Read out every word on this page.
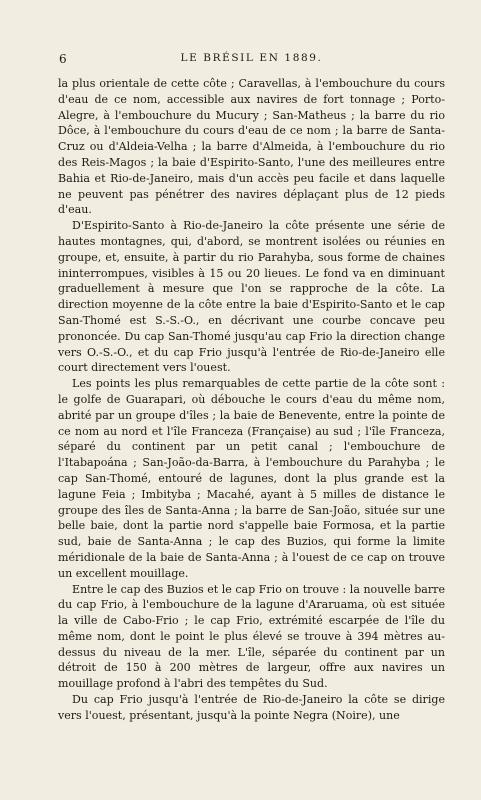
6	LE BRÉSIL EN 1889.

la plus orientale de cette côte ; Caravellas, à l'embouchure du cours d'eau de ce nom, accessible aux navires de fort tonnage ; Porto-Alegre, à l'embouchure du Mucury ; San-Matheus ; la barre du rio Dôce, à l'embouchure du cours d'eau de ce nom ; la barre de Santa-Cruz ou d'Aldeia-Velha ; la barre d'Almeida, à l'embouchure du rio des Reis-Magos ; la baie d'Espirito-Santo, l'une des meilleures entre Bahia et Rio-de-Janeiro, mais d'un accès peu facile et dans laquelle ne peuvent pas pénétrer des navires déplaçant plus de 12 pieds d'eau.

D'Espirito-Santo à Rio-de-Janeiro la côte présente une série de hautes montagnes, qui, d'abord, se montrent isolées ou réunies en groupe, et, ensuite, à partir du rio Parahyba, sous forme de chaines ininterrompues, visibles à 15 ou 20 lieues. Le fond va en diminuant graduellement à mesure que l'on se rapproche de la côte. La direction moyenne de la côte entre la baie d'Espirito-Santo et le cap San-Thomé est S.-S.-O., en décrivant une courbe concave peu prononcée. Du cap San-Thomé jusqu'au cap Frio la direction change vers O.-S.-O., et du cap Frio jusqu'à l'entrée de Rio-de-Janeiro elle court directement vers l'ouest.

Les points les plus remarquables de cette partie de la côte sont : le golfe de Guarapari, où débouche le cours d'eau du même nom, abrité par un groupe d'îles ; la baie de Benevente, entre la pointe de ce nom au nord et l'île Franceza (Française) au sud ; l'île Franceza, séparé du continent par un petit canal ; l'embouchure de l'Itabapoána ; San-João-da-Barra, à l'embouchure du Parahyba ; le cap San-Thomé, entouré de lagunes, dont la plus grande est la lagune Feia ; Imbityba ; Macahé, ayant à 5 milles de distance le groupe des îles de Santa-Anna ; la barre de San-João, située sur une belle baie, dont la partie nord s'appelle baie Formosa, et la partie sud, baie de Santa-Anna ; le cap des Buzios, qui forme la limite méridionale de la baie de Santa-Anna ; à l'ouest de ce cap on trouve un excellent mouillage.

Entre le cap des Buzios et le cap Frio on trouve : la nouvelle barre du cap Frio, à l'embouchure de la lagune d'Araruama, où est située la ville de Cabo-Frio ; le cap Frio, extrémité escarpée de l'île du même nom, dont le point le plus élevé se trouve à 394 mètres au-dessus du niveau de la mer. L'île, séparée du continent par un détroit de 150 à 200 mètres de largeur, offre aux navires un mouillage profond à l'abri des tempêtes du Sud.

Du cap Frio jusqu'à l'entrée de Rio-de-Janeiro la côte se dirige vers l'ouest, présentant, jusqu'à la pointe Negra (Noire), une
